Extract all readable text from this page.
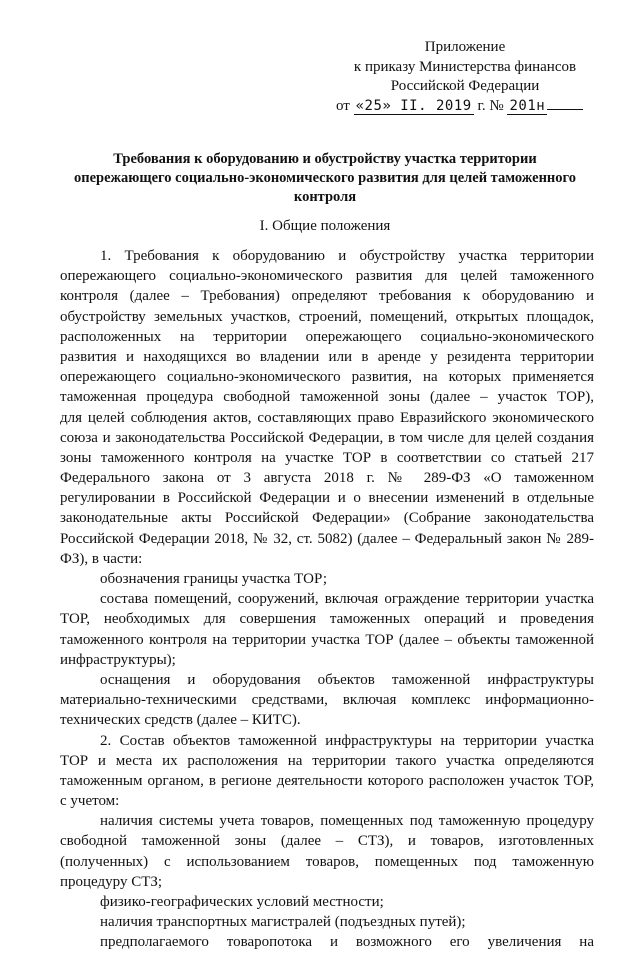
Приложение
к приказу Министерства финансов
Российской Федерации
от «25» II. 2019 г. № 201н
Требования к оборудованию и обустройству участка территории
опережающего социально-экономического развития для целей таможенного
контроля
I. Общие положения
1. Требования к оборудованию и обустройству участка территории
опережающего социально-экономического развития для целей таможенного
контроля (далее – Требования) определяют требования к оборудованию и
обустройству земельных участков, строений, помещений, открытых площадок,
расположенных на территории опережающего социально-экономического
развития и находящихся во владении или в аренде у резидента территории
опережающего социально-экономического развития, на которых применяется
таможенная процедура свободной таможенной зоны (далее – участок ТОР),
для целей соблюдения актов, составляющих право Евразийского экономического
союза и законодательства Российской Федерации, в том числе для целей создания
зоны таможенного контроля на участке ТОР в соответствии со статьей 217
Федерального закона от 3 августа 2018 г. № 289-ФЗ «О таможенном
регулировании в Российской Федерации и о внесении изменений в отдельные
законодательные акты Российской Федерации» (Собрание законодательства
Российской Федерации 2018, № 32, ст. 5082) (далее – Федеральный закон № 289-
ФЗ), в части:
обозначения границы участка ТОР;
состава помещений, сооружений, включая ограждение территории участка
ТОР, необходимых для совершения таможенных операций и проведения
таможенного контроля на территории участка ТОР (далее – объекты таможенной
инфраструктуры);
оснащения и оборудования объектов таможенной инфраструктуры
материально-техническими средствами, включая комплекс информационно-
технических средств (далее – КИТС).
2. Состав объектов таможенной инфраструктуры на территории участка
ТОР и места их расположения на территории такого участка определяются
таможенным органом, в регионе деятельности которого расположен участок ТОР,
с учетом:
наличия системы учета товаров, помещенных под таможенную процедуру
свободной таможенной зоны (далее – СТЗ), и товаров, изготовленных
(полученных) с использованием товаров, помещенных под таможенную
процедуру СТЗ;
физико-географических условий местности;
наличия транспортных магистралей (подъездных путей);
предполагаемого товаропотока и возможного его увеличения на
